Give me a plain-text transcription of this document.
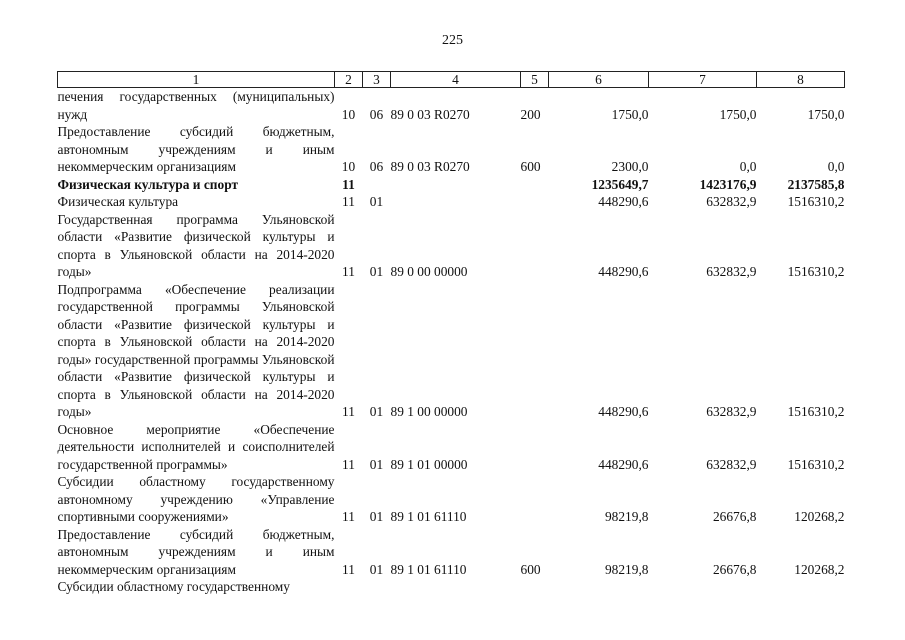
225
1	2	3	4	5	6	7	8
печения государственных (муниципальных) нужд	10	06	89 0 03 R0270	200	1750,0	1750,0	1750,0
Предоставление субсидий бюджетным, автономным учреждениям и иным некоммерческим организациям	10	06	89 0 03 R0270	600	2300,0	0,0	0,0
Физическая культура и спорт	11				1235649,7	1423176,9	2137585,8
Физическая культура	11	01			448290,6	632832,9	1516310,2
Государственная программа Ульяновской области «Развитие физической культуры и спорта в Ульяновской области на 2014-2020 годы»	11	01	89 0 00 00000		448290,6	632832,9	1516310,2
Подпрограмма «Обеспечение реализации государственной программы Ульяновской области «Развитие физической культуры и спорта в Ульяновской области на 2014-2020 годы» государственной программы Ульяновской области «Развитие физической культуры и спорта в Ульяновской области на 2014-2020 годы»	11	01	89 1 00 00000		448290,6	632832,9	1516310,2
Основное мероприятие «Обеспечение деятельности исполнителей и соисполнителей государственной программы»	11	01	89 1 01 00000		448290,6	632832,9	1516310,2
Субсидии областному государственному автономному учреждению «Управление спортивными сооружениями»	11	01	89 1 01 61110		98219,8	26676,8	120268,2
Предоставление субсидий бюджетным, автономным учреждениям и иным некоммерческим организациям	11	01	89 1 01 61110	600	98219,8	26676,8	120268,2
Субсидии областному государственному							
